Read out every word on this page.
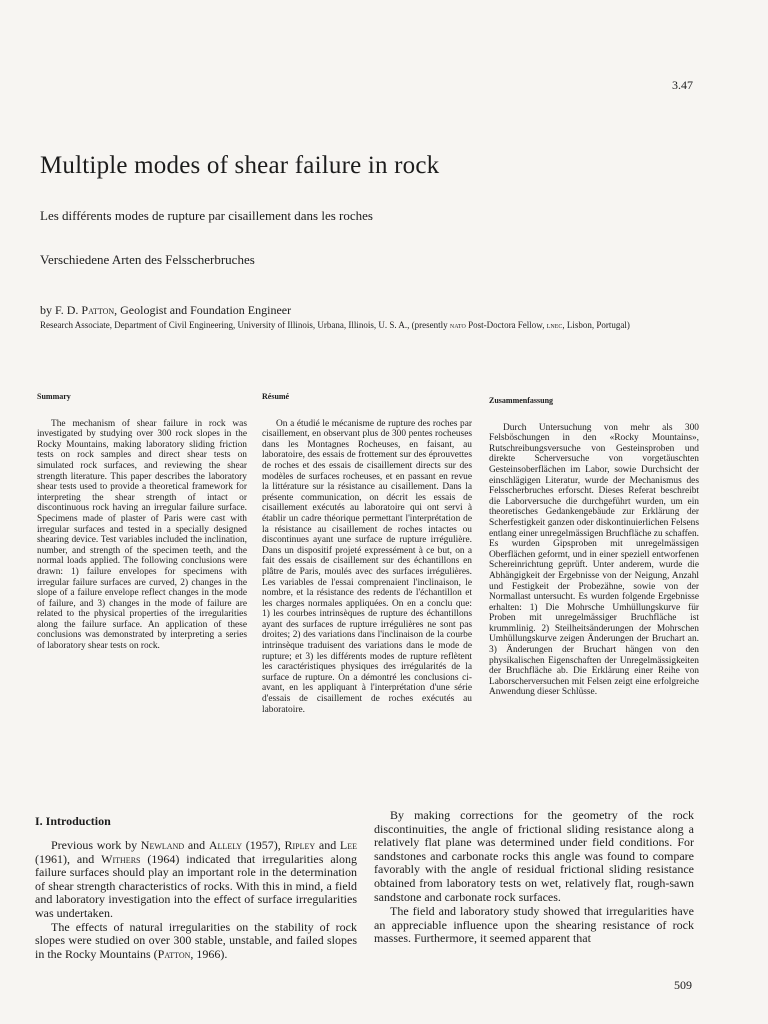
3.47
Multiple modes of shear failure in rock
Les différents modes de rupture par cisaillement dans les roches
Verschiedene Arten des Felsscherbruches
by F. D. Patton, Geologist and Foundation Engineer
Research Associate, Department of Civil Engineering, University of Illinois, Urbana, Illinois, U. S. A., (presently nato Post-Doctora Fellow, lnec, Lisbon, Portugal)
Summary

The mechanism of shear failure in rock was investigated by studying over 300 rock slopes in the Rocky Mountains, making laboratory sliding friction tests on rock samples and direct shear tests on simulated rock surfaces, and reviewing the shear strength literature. This paper describes the laboratory shear tests used to provide a theoretical framework for interpreting the shear strength of intact or discontinuous rock having an irregular failure surface. Specimens made of plaster of Paris were cast with irregular surfaces and tested in a specially designed shearing device. Test variables included the inclination, number, and strength of the specimen teeth, and the normal loads applied. The following conclusions were drawn: 1) failure envelopes for specimens with irregular failure surfaces are curved, 2) changes in the slope of a failure envelope reflect changes in the mode of failure, and 3) changes in the mode of failure are related to the physical properties of the irregularities along the failure surface. An application of these conclusions was demonstrated by interpreting a series of laboratory shear tests on rock.

Résumé

On a étudié le mécanisme de rupture des roches par cisaillement, en observant plus de 300 pentes rocheuses dans les Montagnes Rocheuses, en faisant, au laboratoire, des essais de frottement sur des éprouvettes de roches et des essais de cisaillement directs sur des modèles de surfaces rocheuses, et en passant en revue la littérature sur la résistance au cisaillement. Dans la présente communication, on décrit les essais de cisaillement exécutés au laboratoire qui ont servi à établir un cadre théorique permettant l'interprétation de la résistance au cisaillement de roches intactes ou discontinues ayant une surface de rupture irrégulière. Dans un dispositif projeté expressément à ce but, on a fait des essais de cisaillement sur des échantillons en plâtre de Paris, moulés avec des surfaces irrégulières. Les variables de l'essai comprenaient l'inclinaison, le nombre, et la résistance des redents de l'échantillon et les charges normales appliquées. On en a conclu que: 1) les courbes intrinsèques de rupture des échantillons ayant des surfaces de rupture irrégulières ne sont pas droites; 2) des variations dans l'inclinaison de la courbe intrinsèque traduisent des variations dans le mode de rupture; et 3) les différents modes de rupture reflètent les caractéristiques physiques des irrégularités de la surface de rupture. On a démontré les conclusions ci-avant, en les appliquant à l'interprétation d'une série d'essais de cisaillement de roches exécutés au laboratoire.

Zusammenfassung

Durch Untersuchung von mehr als 300 Felsböschungen in den «Rocky Mountains», Rutschreibungsversuche von Gesteinsproben und direkte Scherversuche von vorgetäuschten Gesteinsoberflächen im Labor, sowie Durchsicht der einschlägigen Literatur, wurde der Mechanismus des Felsscherbruches erforscht. Dieses Referat beschreibt die Laborversuche die durchgeführt wurden, um ein theoretisches Gedankengebäude zur Erklärung der Scherfestigkeit ganzen oder diskontinuierlichen Felsens entlang einer unregelmässigen Bruchfläche zu schaffen. Es wurden Gipsproben mit unregelmässigen Oberflächen geformt, und in einer speziell entworfenen Schereinrichtung geprüft. Unter anderem, wurde die Abhängigkeit der Ergebnisse von der Neigung, Anzahl und Festigkeit der Probezähne, sowie von der Normallast untersucht. Es wurden folgende Ergebnisse erhalten: 1) Die Mohrsche Umhüllungskurve für Proben mit unregelmässiger Bruchfläche ist krummlinig. 2) Steilheitsänderungen der Mohrschen Umhüllungskurve zeigen Änderungen der Bruchart an. 3) Änderungen der Bruchart hängen von den physikalischen Eigenschaften der Unregelmässigkeiten der Bruchfläche ab. Die Erklärung einer Reihe von Laborscherversuchen mit Felsen zeigt eine erfolgreiche Anwendung dieser Schlüsse.

I. Introduction

Previous work by Newland and Allely (1957), Ripley and Lee (1961), and Withers (1964) indicated that irregularities along failure surfaces should play an important role in the determination of shear strength characteristics of rocks. With this in mind, a field and laboratory investigation into the effect of surface irregularities was undertaken.

The effects of natural irregularities on the stability of rock slopes were studied on over 300 stable, unstable, and failed slopes in the Rocky Mountains (Patton, 1966).

By making corrections for the geometry of the rock discontinuities, the angle of frictional sliding resistance along a relatively flat plane was determined under field conditions. For sandstones and carbonate rocks this angle was found to compare favorably with the angle of residual frictional sliding resistance obtained from laboratory tests on wet, relatively flat, rough-sawn sandstone and carbonate rock surfaces.

The field and laboratory study showed that irregularities have an appreciable influence upon the shearing resistance of rock masses. Furthermore, it seemed apparent that

509
